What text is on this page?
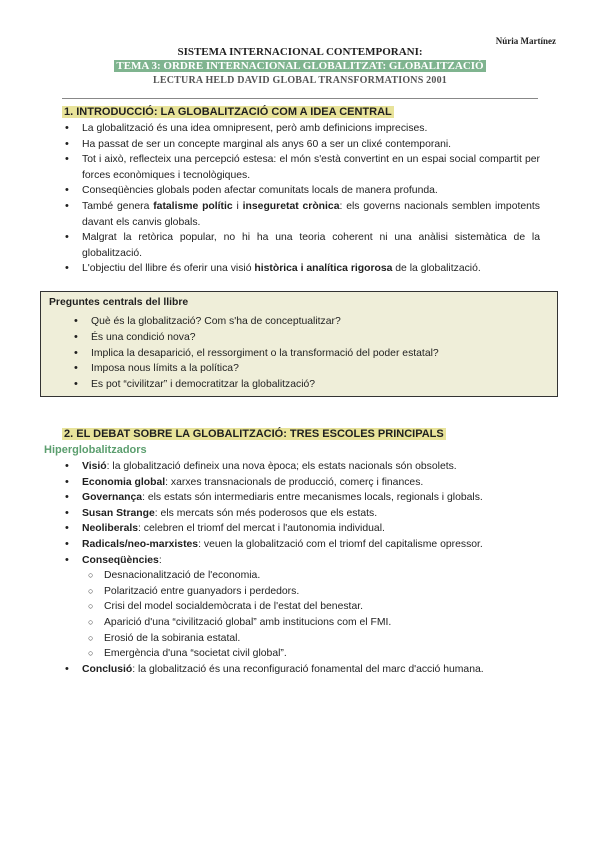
Núria Martínez
SISTEMA INTERNACIONAL CONTEMPORANI:
TEMA 3: ORDRE INTERNACIONAL GLOBALITZAT: GLOBALITZACIÓ
LECTURA HELD DAVID GLOBAL TRANSFORMATIONS 2001
1. INTRODUCCIÓ: LA GLOBALITZACIÓ COM A IDEA CENTRAL
• La globalització és una idea omnipresent, però amb definicions imprecises.
• Ha passat de ser un concepte marginal als anys 60 a ser un clixé contemporani.
• Tot i això, reflecteix una percepció estesa: el món s'està convertint en un espai social compartit per forces econòmiques i tecnològiques.
• Conseqüències globals poden afectar comunitats locals de manera profunda.
• També genera fatalisme polític i inseguretat crònica: els governs nacionals semblen impotents davant els canvis globals.
• Malgrat la retòrica popular, no hi ha una teoria coherent ni una anàlisi sistemàtica de la globalització.
• L'objectiu del llibre és oferir una visió històrica i analítica rigorosa de la globalització.
Preguntes centrals del llibre
• Què és la globalització? Com s'ha de conceptualitzar?
• És una condició nova?
• Implica la desaparició, el ressorgiment o la transformació del poder estatal?
• Imposa nous límits a la política?
• Es pot “civilitzar” i democratitzar la globalització?
2. EL DEBAT SOBRE LA GLOBALITZACIÓ: TRES ESCOLES PRINCIPALS
Hiperglobalitzadors
• Visió: la globalització defineix una nova època; els estats nacionals són obsolets.
• Economia global: xarxes transnacionals de producció, comerç i finances.
• Governança: els estats són intermediaris entre mecanismes locals, regionals i globals.
• Susan Strange: els mercats són més poderosos que els estats.
• Neoliberals: celebren el triomf del mercat i l'autonomia individual.
• Radicals/neo-marxistes: veuen la globalització com el triomf del capitalisme opressor.
• Conseqüències:
○ Desnacionalització de l'economia.
○ Polarització entre guanyadors i perdedors.
○ Crisi del model socialdemòcrata i de l'estat del benestar.
○ Aparició d'una “civilització global” amb institucions com el FMI.
○ Erosió de la sobirania estatal.
○ Emergència d'una “societat civil global”.
• Conclusió: la globalització és una reconfiguració fonamental del marc d'acció humana.
